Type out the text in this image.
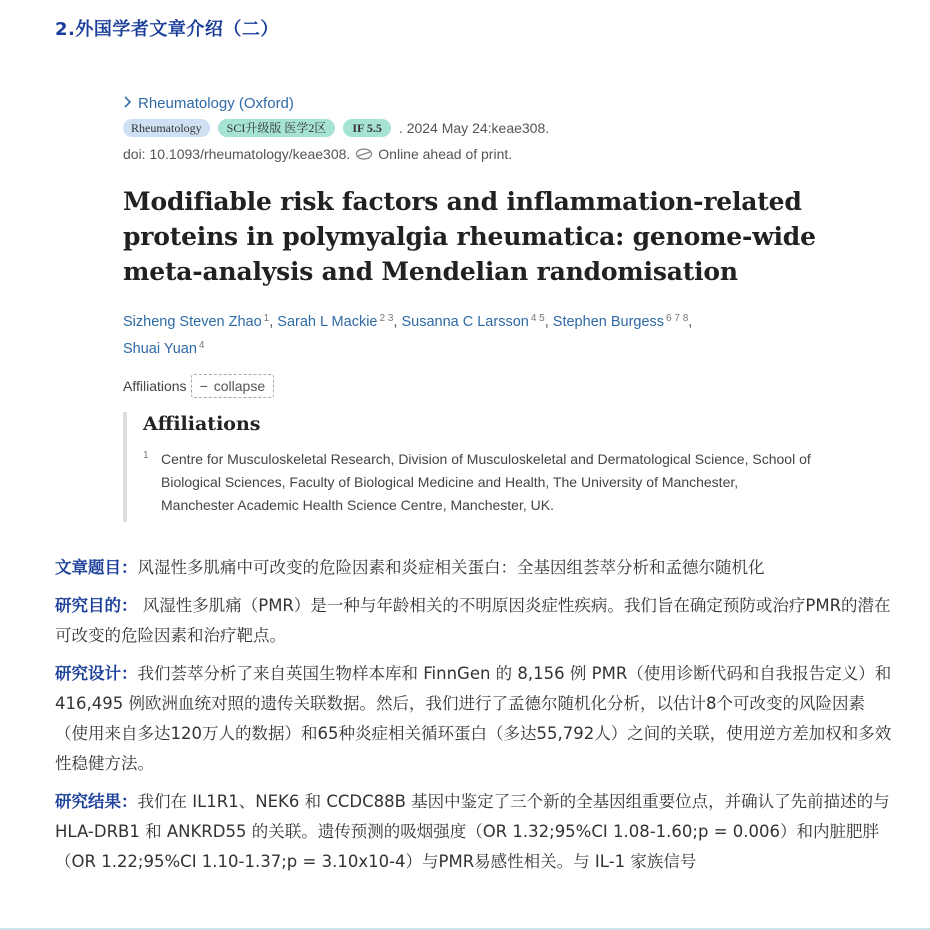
2.外国学者文章介绍（二）
Rheumatology (Oxford)
Rheumatology	SCI升级版 医学2区	IF 5.5	. 2024 May 24:keae308.
doi: 10.1093/rheumatology/keae308. Online ahead of print.
Modifiable risk factors and inflammation-related
proteins in polymyalgia rheumatica: genome-wide
meta-analysis and Mendelian randomisation
Sizheng Steven Zhao $^1$, Sarah L Mackie $^{2 3}$, Susanna C Larsson $^{4 5}$, Stephen Burgess $^{6 7 8}$,
Shuai Yuan $^4$
Affiliations − collapse
Affiliations
1 Centre for Musculoskeletal Research, Division of Musculoskeletal and Dermatological Science, School of Biological Sciences, Faculty of Biological Medicine and Health, The University of Manchester, Manchester Academic Health Science Centre, Manchester, UK.

文章题目：风湿性多肌痛中可改变的危险因素和炎症相关蛋白：全基因组荟萃分析和孟德尔随机化

研究目的： 风湿性多肌痛（PMR）是一种与年龄相关的不明原因炎症性疾病。我们旨在确定预防或治疗PMR的潜在可改变的危险因素和治疗靶点。

研究设计：我们荟萃分析了来自英国生物样本库和 FinnGen 的 8,156 例 PMR（使用诊断代码和自我报告定义）和 416,495 例欧洲血统对照的遗传关联数据。然后，我们进行了孟德尔随机化分析，以估计8个可改变的风险因素（使用来自多达120万人的数据）和65种炎症相关循环蛋白（多达55,792人）之间的关联，使用逆方差加权和多效性稳健方法。

研究结果：我们在 IL1R1、NEK6 和 CCDC88B 基因中鉴定了三个新的全基因组重要位点，并确认了先前描述的与 HLA-DRB1 和 ANKRD55 的关联。遗传预测的吸烟强度（OR 1.32;95%CI 1.08-1.60;p = 0.006）和内脏肥胖（OR 1.22;95%CI 1.10-1.37;p = 3.10x10-4）与PMR易感性相关。与 IL-1 家族信号
